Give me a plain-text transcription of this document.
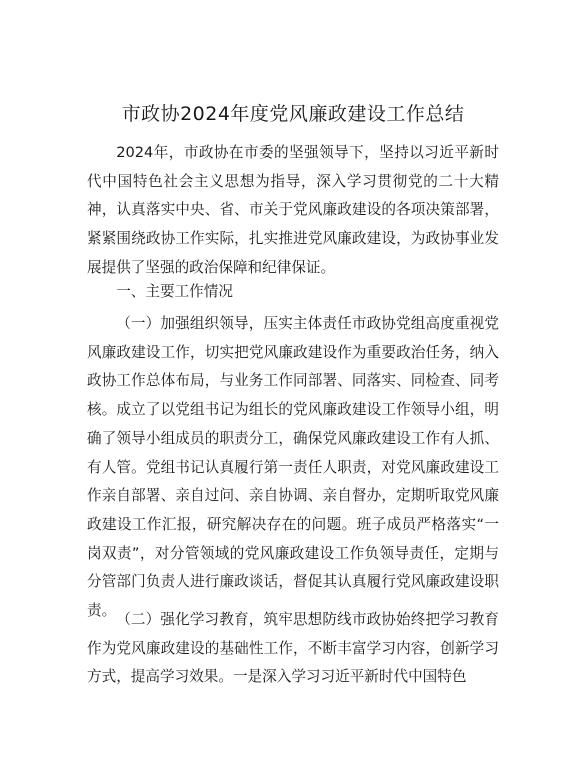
市政协2024年度党风廉政建设工作总结

2024年，市政协在市委的坚强领导下，坚持以习近平新时代中国特色社会主义思想为指导，深入学习贯彻党的二十大精神，认真落实中央、省、市关于党风廉政建设的各项决策部署，紧紧围绕政协工作实际，扎实推进党风廉政建设，为政协事业发展提供了坚强的政治保障和纪律保证。

一、主要工作情况

（一）加强组织领导，压实主体责任市政协党组高度重视党风廉政建设工作，切实把党风廉政建设作为重要政治任务，纳入政协工作总体布局，与业务工作同部署、同落实、同检查、同考核。成立了以党组书记为组长的党风廉政建设工作领导小组，明确了领导小组成员的职责分工，确保党风廉政建设工作有人抓、有人管。党组书记认真履行第一责任人职责，对党风廉政建设工作亲自部署、亲自过问、亲自协调、亲自督办，定期听取党风廉政建设工作汇报，研究解决存在的问题。班子成员严格落实“一岗双责”，对分管领域的党风廉政建设工作负领导责任，定期与分管部门负责人进行廉政谈话，督促其认真履行党风廉政建设职责。

（二）强化学习教育，筑牢思想防线市政协始终把学习教育作为党风廉政建设的基础性工作，不断丰富学习内容，创新学习方式，提高学习效果。一是深入学习习近平新时代中国特色
